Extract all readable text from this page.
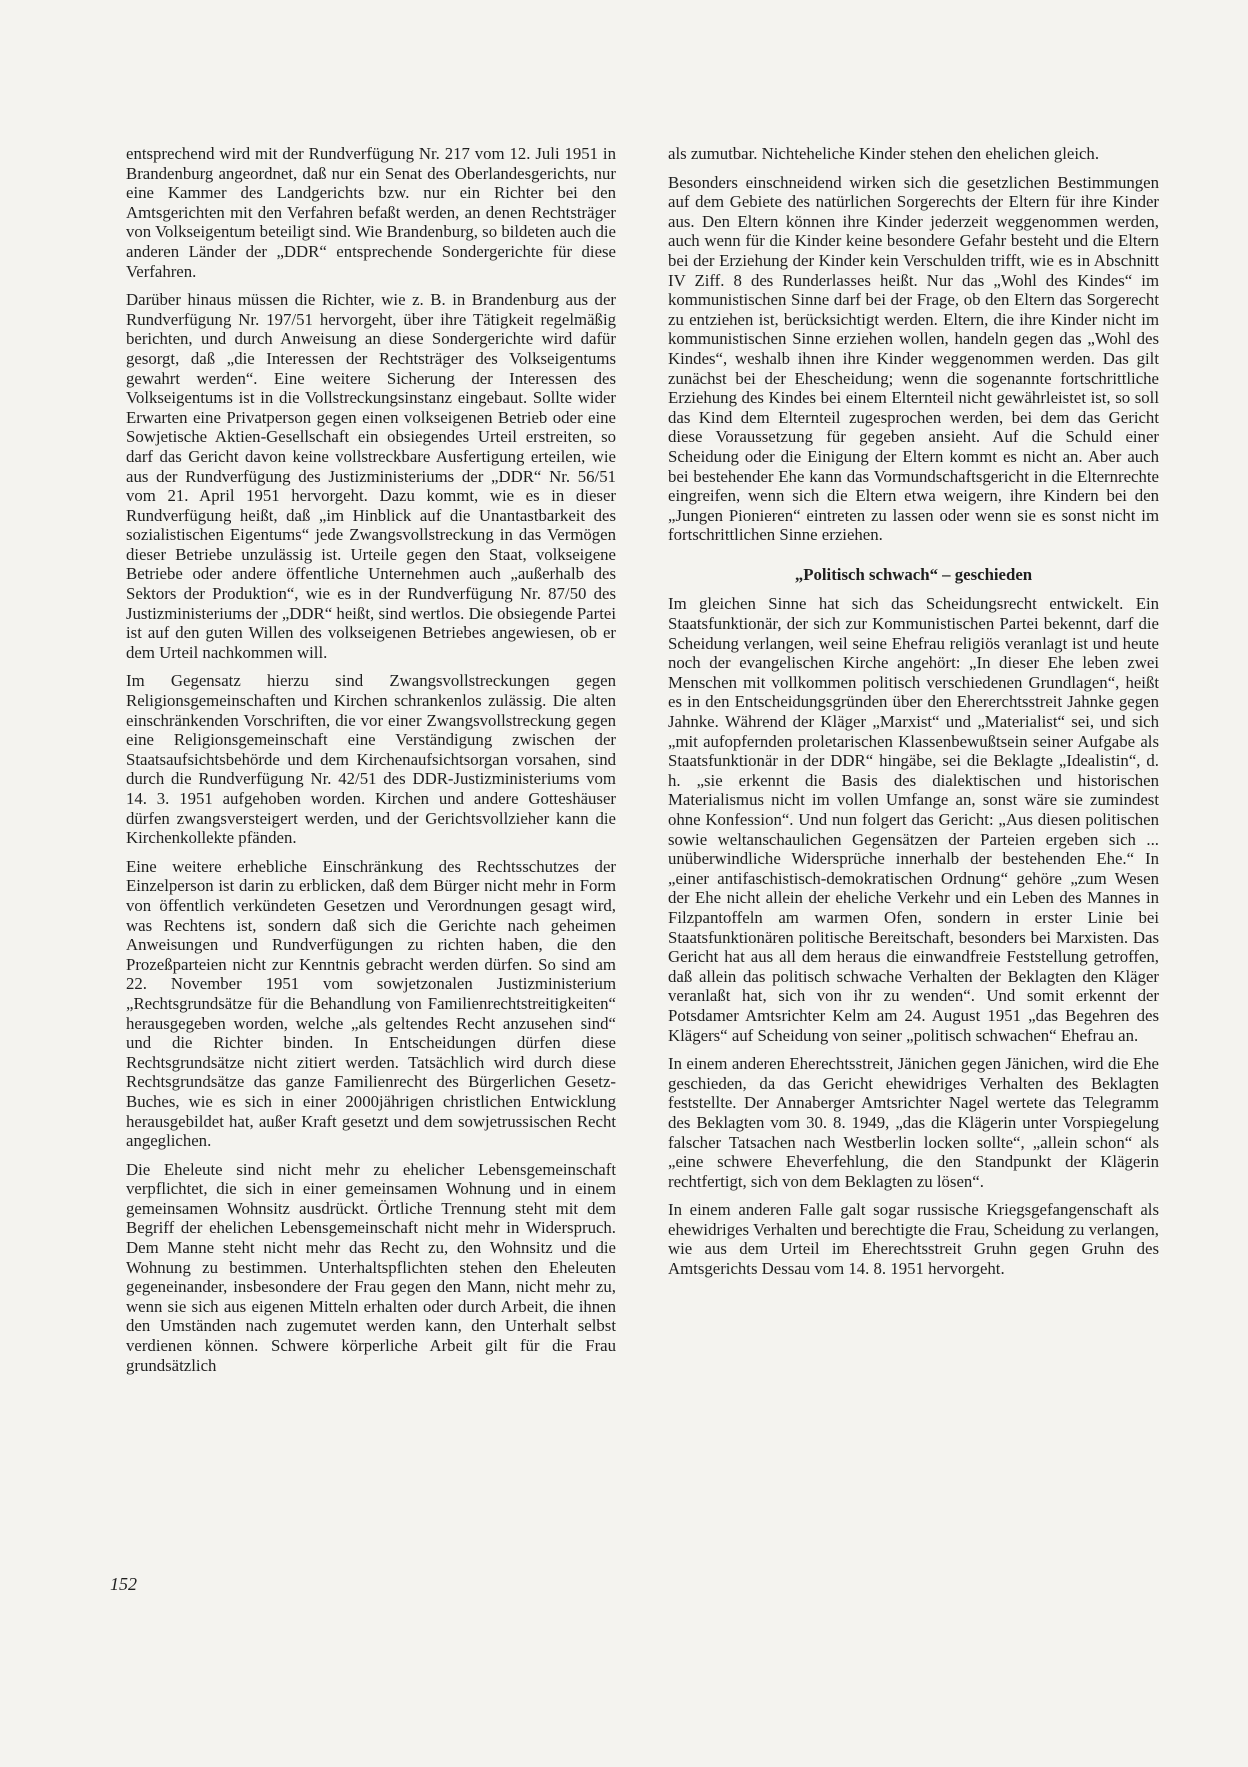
entsprechend wird mit der Rundverfügung Nr. 217 vom 12. Juli 1951 in Brandenburg angeordnet, daß nur ein Senat des Oberlandesgerichts, nur eine Kammer des Landgerichts bzw. nur ein Richter bei den Amtsgerichten mit den Verfahren befaßt werden, an denen Rechtsträger von Volkseigentum beteiligt sind. Wie Brandenburg, so bildeten auch die anderen Länder der „DDR“ entsprechende Sondergerichte für diese Verfahren.

Darüber hinaus müssen die Richter, wie z. B. in Brandenburg aus der Rundverfügung Nr. 197/51 hervorgeht, über ihre Tätigkeit regelmäßig berichten, und durch Anweisung an diese Sondergerichte wird dafür gesorgt, daß „die Interessen der Rechtsträger des Volkseigentums gewahrt werden“. Eine weitere Sicherung der Interessen des Volkseigentums ist in die Vollstreckungsinstanz eingebaut. Sollte wider Erwarten eine Privatperson gegen einen volkseigenen Betrieb oder eine Sowjetische Aktien-Gesellschaft ein obsiegendes Urteil erstreiten, so darf das Gericht davon keine vollstreckbare Ausfertigung erteilen, wie aus der Rundverfügung des Justizministeriums der „DDR“ Nr. 56/51 vom 21. April 1951 hervorgeht. Dazu kommt, wie es in dieser Rundverfügung heißt, daß „im Hinblick auf die Unantastbarkeit des sozialistischen Eigentums“ jede Zwangsvollstreckung in das Vermögen dieser Betriebe unzulässig ist. Urteile gegen den Staat, volkseigene Betriebe oder andere öffentliche Unternehmen auch „außerhalb des Sektors der Produktion“, wie es in der Rundverfügung Nr. 87/50 des Justizministeriums der „DDR“ heißt, sind wertlos. Die obsiegende Partei ist auf den guten Willen des volkseigenen Betriebes angewiesen, ob er dem Urteil nachkommen will.

Im Gegensatz hierzu sind Zwangsvollstreckungen gegen Religionsgemeinschaften und Kirchen schrankenlos zulässig. Die alten einschränkenden Vorschriften, die vor einer Zwangsvollstreckung gegen eine Religionsgemeinschaft eine Verständigung zwischen der Staatsaufsichtsbehörde und dem Kirchenaufsichtsorgan vorsahen, sind durch die Rundverfügung Nr. 42/51 des DDR-Justizministeriums vom 14. 3. 1951 aufgehoben worden. Kirchen und andere Gotteshäuser dürfen zwangsversteigert werden, und der Gerichtsvollzieher kann die Kirchenkollekte pfänden.

Eine weitere erhebliche Einschränkung des Rechtsschutzes der Einzelperson ist darin zu erblicken, daß dem Bürger nicht mehr in Form von öffentlich verkündeten Gesetzen und Verordnungen gesagt wird, was Rechtens ist, sondern daß sich die Gerichte nach geheimen Anweisungen und Rundverfügungen zu richten haben, die den Prozeßparteien nicht zur Kenntnis gebracht werden dürfen. So sind am 22. November 1951 vom sowjetzonalen Justizministerium „Rechtsgrundsätze für die Behandlung von Familienrechtstreitigkeiten“ herausgegeben worden, welche „als geltendes Recht anzusehen sind“ und die Richter binden. In Entscheidungen dürfen diese Rechtsgrundsätze nicht zitiert werden. Tatsächlich wird durch diese Rechtsgrundsätze das ganze Familienrecht des Bürgerlichen Gesetz-Buches, wie es sich in einer 2000jährigen christlichen Entwicklung herausgebildet hat, außer Kraft gesetzt und dem sowjetrussischen Recht angeglichen.

Die Eheleute sind nicht mehr zu ehelicher Lebensgemeinschaft verpflichtet, die sich in einer gemeinsamen Wohnung und in einem gemeinsamen Wohnsitz ausdrückt. Örtliche Trennung steht mit dem Begriff der ehelichen Lebensgemeinschaft nicht mehr in Widerspruch. Dem Manne steht nicht mehr das Recht zu, den Wohnsitz und die Wohnung zu bestimmen. Unterhaltspflichten stehen den Eheleuten gegeneinander, insbesondere der Frau gegen den Mann, nicht mehr zu, wenn sie sich aus eigenen Mitteln erhalten oder durch Arbeit, die ihnen den Umständen nach zugemutet werden kann, den Unterhalt selbst verdienen können. Schwere körperliche Arbeit gilt für die Frau grundsätzlich

als zumutbar. Nichteheliche Kinder stehen den ehelichen gleich.

Besonders einschneidend wirken sich die gesetzlichen Bestimmungen auf dem Gebiete des natürlichen Sorgerechts der Eltern für ihre Kinder aus. Den Eltern können ihre Kinder jederzeit weggenommen werden, auch wenn für die Kinder keine besondere Gefahr besteht und die Eltern bei der Erziehung der Kinder kein Verschulden trifft, wie es in Abschnitt IV Ziff. 8 des Runderlasses heißt. Nur das „Wohl des Kindes“ im kommunistischen Sinne darf bei der Frage, ob den Eltern das Sorgerecht zu entziehen ist, berücksichtigt werden. Eltern, die ihre Kinder nicht im kommunistischen Sinne erziehen wollen, handeln gegen das „Wohl des Kindes“, weshalb ihnen ihre Kinder weggenommen werden. Das gilt zunächst bei der Ehescheidung; wenn die sogenannte fortschrittliche Erziehung des Kindes bei einem Elternteil nicht gewährleistet ist, so soll das Kind dem Elternteil zugesprochen werden, bei dem das Gericht diese Voraussetzung für gegeben ansieht. Auf die Schuld einer Scheidung oder die Einigung der Eltern kommt es nicht an. Aber auch bei bestehender Ehe kann das Vormundschaftsgericht in die Elternrechte eingreifen, wenn sich die Eltern etwa weigern, ihre Kindern bei den „Jungen Pionieren“ eintreten zu lassen oder wenn sie es sonst nicht im fortschrittlichen Sinne erziehen.

„Politisch schwach“ – geschieden

Im gleichen Sinne hat sich das Scheidungsrecht entwickelt. Ein Staatsfunktionär, der sich zur Kommunistischen Partei bekennt, darf die Scheidung verlangen, weil seine Ehefrau religiös veranlagt ist und heute noch der evangelischen Kirche angehört: „In dieser Ehe leben zwei Menschen mit vollkommen politisch verschiedenen Grundlagen“, heißt es in den Entscheidungsgründen über den Ehererchtsstreit Jahnke gegen Jahnke. Während der Kläger „Marxist“ und „Materialist“ sei, und sich „mit aufopfernden proletarischen Klassenbewußtsein seiner Aufgabe als Staatsfunktionär in der DDR“ hingäbe, sei die Beklagte „Idealistin“, d. h. „sie erkennt die Basis des dialektischen und historischen Materialismus nicht im vollen Umfange an, sonst wäre sie zumindest ohne Konfession“. Und nun folgert das Gericht: „Aus diesen politischen sowie weltanschaulichen Gegensätzen der Parteien ergeben sich ... unüberwindliche Widersprüche innerhalb der bestehenden Ehe.“ In „einer antifaschistisch-demokratischen Ordnung“ gehöre „zum Wesen der Ehe nicht allein der eheliche Verkehr und ein Leben des Mannes in Filzpantoffeln am warmen Ofen, sondern in erster Linie bei Staatsfunktionären politische Bereitschaft, besonders bei Marxisten. Das Gericht hat aus all dem heraus die einwandfreie Feststellung getroffen, daß allein das politisch schwache Verhalten der Beklagten den Kläger veranlaßt hat, sich von ihr zu wenden“. Und somit erkennt der Potsdamer Amtsrichter Kelm am 24. August 1951 „das Begehren des Klägers“ auf Scheidung von seiner „politisch schwachen“ Ehefrau an.

In einem anderen Eherechtsstreit, Jänichen gegen Jänichen, wird die Ehe geschieden, da das Gericht ehewidriges Verhalten des Beklagten feststellte. Der Annaberger Amtsrichter Nagel wertete das Telegramm des Beklagten vom 30. 8. 1949, „das die Klägerin unter Vorspiegelung falscher Tatsachen nach Westberlin locken sollte“, „allein schon“ als „eine schwere Eheverfehlung, die den Standpunkt der Klägerin rechtfertigt, sich von dem Beklagten zu lösen“.

In einem anderen Falle galt sogar russische Kriegsgefangenschaft als ehewidriges Verhalten und berechtigte die Frau, Scheidung zu verlangen, wie aus dem Urteil im Eherechtsstreit Gruhn gegen Gruhn des Amtsgerichts Dessau vom 14. 8. 1951 hervorgeht.

152
